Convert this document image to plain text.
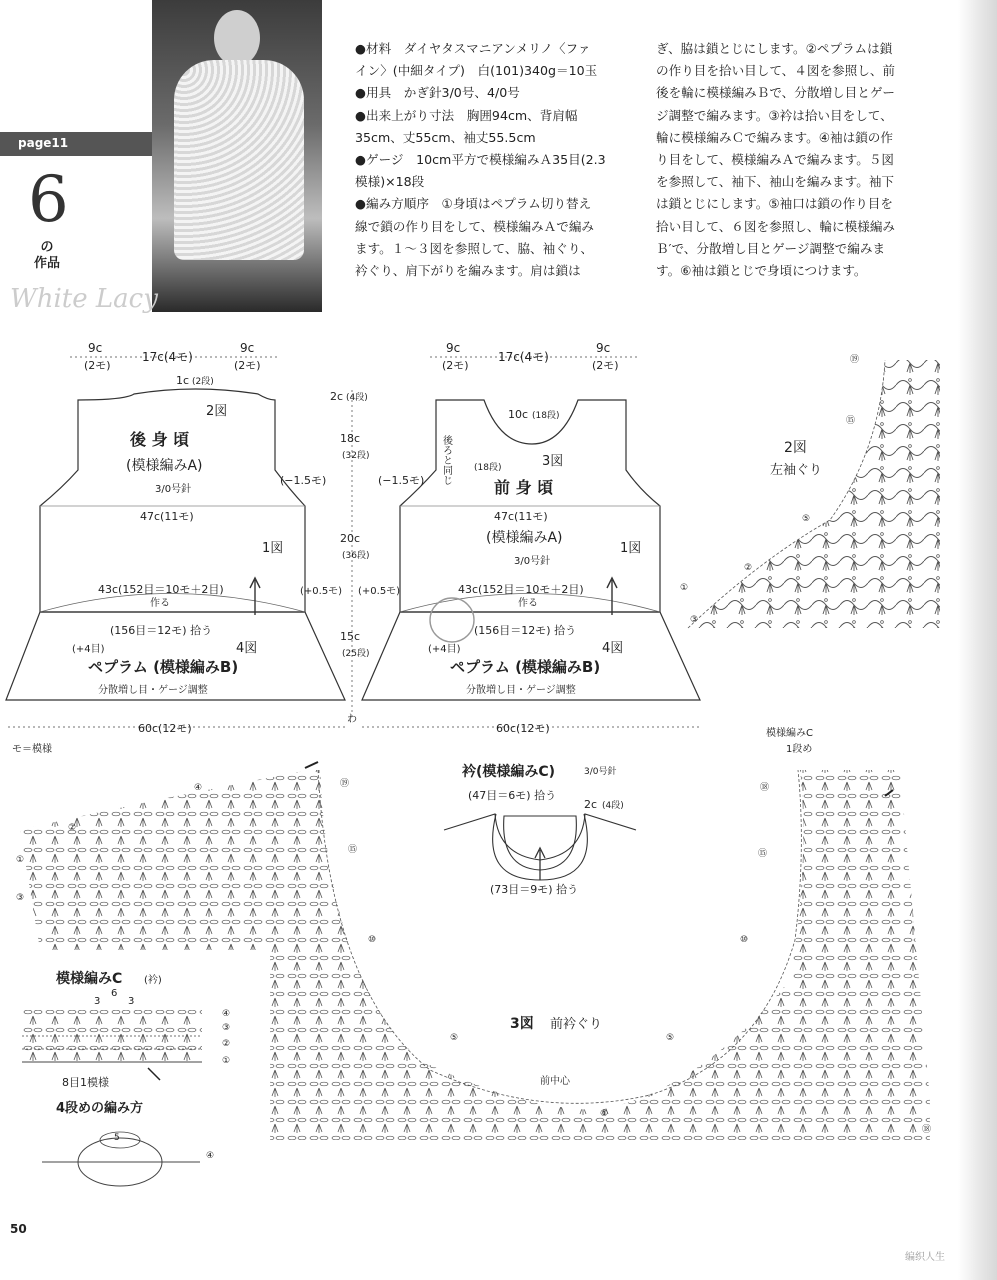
page11
6
の
作品
White Lacy
●材料　ダイヤタスマニアンメリノ〈ファ
イン〉(中細タイプ)　白(101)340g＝10玉
●用具　かぎ針3/0号、4/0号
●出来上がり寸法　胸囲94cm、背肩幅
35cm、丈55cm、袖丈55.5cm
●ゲージ　10cm平方で模様編みＡ35目(2.3
模様)×18段
●編み方順序　①身頃はペプラム切り替え
線で鎖の作り目をして、模様編みＡで編み
ます。１～３図を参照して、脇、袖ぐり、
衿ぐり、肩下がりを編みます。肩は鎖は
ぎ、脇は鎖とじにします。②ペプラムは鎖
の作り目を拾い目して、４図を参照し、前
後を輪に模様編みＢで、分散増し目とゲー
ジ調整で編みます。③衿は拾い目をして、
輪に模様編みＣで編みます。④袖は鎖の作
り目をして、模様編みＡで編みます。５図
を参照して、袖下、袖山を編みます。袖下
は鎖とじにします。⑤袖口は鎖の作り目を
拾い目して、６図を参照し、輪に模様編み
Ｂ′で、分散増し目とゲージ調整で編みま
す。⑥袖は鎖とじで身頃につけます。
9c
(2モ)
17c(4モ)
9c
(2モ)
1c (2段)
2図
後 身 頃
(模様編みA)
3/0号針
(−1.5モ)
47c(11モ)
1図
43c(152目＝10モ＋2目)
作る
(+0.5モ)
(156目＝12モ) 拾う
(+4目)	4図
ペプラム (模様編みB)
分散増し目・ゲージ調整
60c(12モ)
モ＝模様
2c (4段)
18c
(32段)
20c
(36段)
15c
(25段)
わ
9c
(2モ)
17c(4モ)
9c
(2モ)
10c (18段)
後ろと同じ	(18段)	3図
前 身 頃
(−1.5モ)
47c(11モ)
(模様編みA)
3/0号針
1図
(+0.5モ)	43c(152目＝10モ＋2目)
作る
(156目＝12モ) 拾う
(+4目)	4図
ペプラム (模様編みB)
分散増し目・ゲージ調整
60c(12モ)
2図
左袖ぐり
⑲
⑮
⑤
②
①
③
衿(模様編みC)	3/0号針
(47目＝6モ) 拾う
2c (4段)
(73目＝9モ) 拾う
3図 前衿ぐり
前中心
模様編みC
1段め
⑲
⑮
⑩
⑤
①
⑱
⑮
⑩
⑤
⑱
④
②
①
③
模様編みC (衿)
3	3
6
④
③
②
①
8目1模様
4段めの編み方
5
④
50
编织人生
